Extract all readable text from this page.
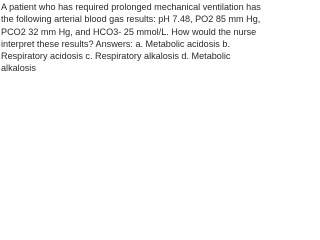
A patient who has required prolonged mechanical ventilation has the following arterial blood gas results: pH 7.48, PO2 85 mm Hg, PCO2 32 mm Hg, and HCO3- 25 mmol/L. How would the nurse interpret these results? Answers: a. Metabolic acidosis b. Respiratory acidosis c. Respiratory alkalosis d. Metabolic alkalosis
